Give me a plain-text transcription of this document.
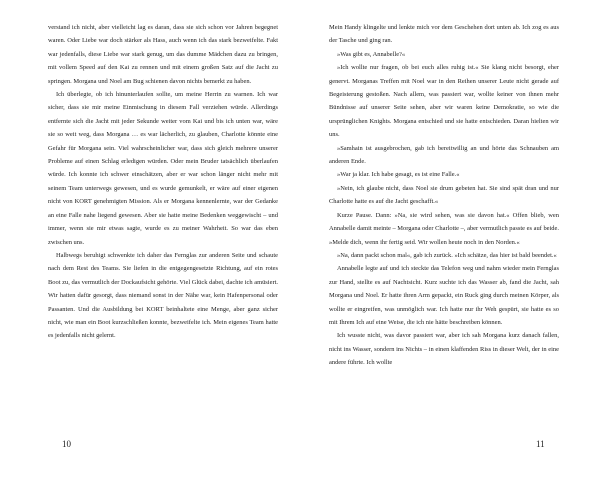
verstand ich nicht, aber vielleicht lag es daran, dass sie sich schon vor Jahren begegnet waren. Oder Liebe war doch stärker als Hass, auch wenn ich das stark bezweifelte. Fakt war jedenfalls, diese Liebe war stark genug, um das dumme Mädchen dazu zu bringen, mit vollem Speed auf den Kai zu rennen und mit einem großen Satz auf die Jacht zu springen. Morgana und Noel am Bug schienen davon nichts bemerkt zu haben.

Ich überlegte, ob ich hinunterlaufen sollte, um meine Herrin zu warnen. Ich war sicher, dass sie mir meine Einmischung in diesem Fall verziehen würde. Allerdings entfernte sich die Jacht mit jeder Sekunde weiter vom Kai und bis ich unten war, wäre sie so weit weg, dass Morgana … es war lächerlich, zu glauben, Charlotte könnte eine Gefahr für Morgana sein. Viel wahrscheinlicher war, dass sich gleich mehrere unserer Probleme auf einen Schlag erledigen würden. Oder mein Bruder tatsächlich überlaufen würde. Ich konnte ich schwer einschätzen, aber er war schon länger nicht mehr mit seinem Team unterwegs gewesen, und es wurde gemunkelt, er wäre auf einer eigenen nicht von KORT genehmigten Mission. Als er Morgana kennenlernte, war der Gedanke an eine Falle nahe liegend gewesen. Aber sie hatte meine Bedenken weggewischt – und immer, wenn sie mir etwas sagte, wurde es zu meiner Wahrheit. So war das eben zwischen uns.

Halbwegs beruhigt schwenkte ich daher das Fernglas zur anderen Seite und schaute nach dem Rest des Teams. Sie liefen in die entgegengesetzte Richtung, auf ein rotes Boot zu, das vermutlich der Dockaufsicht gehörte. Viel Glück dabei, dachte ich amüsiert. Wir hatten dafür gesorgt, dass niemand sonst in der Nähe war, kein Hafenpersonal oder Passanten. Und die Ausbildung bei KORT beinhaltete eine Menge, aber ganz sicher nicht, wie man ein Boot kurzschließen konnte, bezweifelte ich. Mein eigenes Team hatte es jedenfalls nicht gelernt.

10

Mein Handy klingelte und lenkte mich vor dem Geschehen dort unten ab. Ich zog es aus der Tasche und ging ran.

»Was gibt es, Annabelle?«

»Ich wollte nur fragen, ob bei euch alles ruhig ist.« Sie klang nicht besorgt, eher genervt. Morganas Treffen mit Noel war in den Reihen unserer Leute nicht gerade auf Begeisterung gestoßen. Nach allem, was passiert war, wollte keiner von ihnen mehr Bündnisse auf unserer Seite sehen, aber wir waren keine Demokratie, so wie die ursprünglichen Knights. Morgana entschied und sie hatte entschieden. Daran hielten wir uns.

»Samhain ist ausgebrochen, gab ich bereitwillig an und hörte das Schnauben am anderen Ende.

»War ja klar. Ich habe gesagt, es ist eine Falle.«

»Nein, ich glaube nicht, dass Noel sie drum gebeten hat. Sie sind spät dran und nur Charlotte hatte es auf die Jacht geschafft.«

Kurze Pause. Dann: »Na, sie wird sehen, was sie davon hat.« Offen blieb, wen Annabelle damit meinte – Morgana oder Charlotte –, aber vermutlich passte es auf beide. »Melde dich, wenn ihr fertig seid. Wir wollen heute noch in den Norden.«

»Na, dann packt schon mal«, gab ich zurück. »Ich schätze, das hier ist bald beendet.«

Annabelle legte auf und ich steckte das Telefon weg und nahm wieder mein Fernglas zur Hand, stellte es auf Nachtsicht. Kurz suchte ich das Wasser ab, fand die Jacht, sah Morgana und Noel. Er hatte ihren Arm gepackt, ein Ruck ging durch meinen Körper, als wollte er eingreifen, was unmöglich war. Ich hatte nur ihr Weh gespürt, sie hatte es so mit Ihrem Ich auf eine Weise, die ich nie hätte beschreiben können.

Ich wusste nicht, was davor passiert war, aber ich sah Morgana kurz danach fallen, nicht ins Wasser, sondern ins Nichts – in einen klaffenden Riss in dieser Welt, der in eine andere führte. Ich wollte

11
